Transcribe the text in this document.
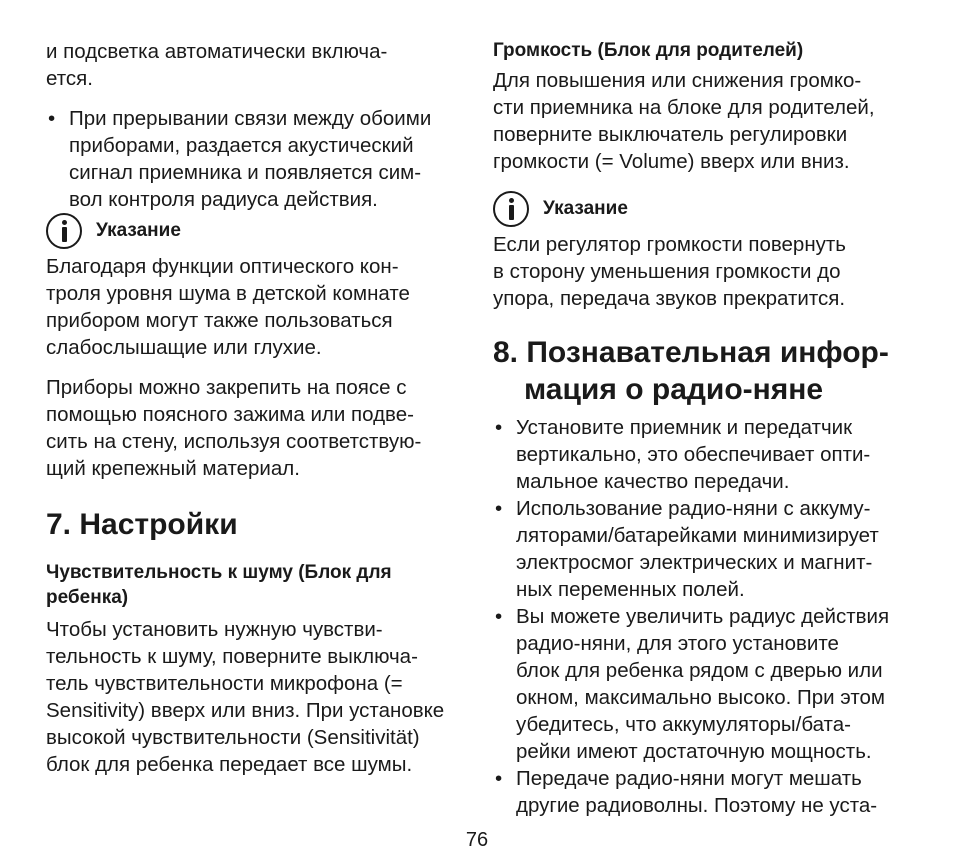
и подсветка автоматически включа-
ется.

• При прерывании связи между обоими
приборами, раздается акустический
сигнал приемника и появляется сим-
вол контроля радиуса действия.
Указание

Благодаря функции оптического кон-
троля уровня шума в детской комнате
прибором могут также пользоваться
слабослышащие или глухие.

Приборы можно закрепить на поясе с
помощью поясного зажима или подве-
сить на стену, используя соответствую-
щий крепежный материал.

7. Настройки
Чувствительность к шуму (Блок для
ребенка)

Чтобы установить нужную чувстви-
тельность к шуму, поверните выключа-
тель чувствительности микрофона (=
Sensitivity) вверх или вниз. При установке
высокой чувствительности (Sensitivität)
блок для ребенка передает все шумы.

Громкость (Блок для родителей)

Для повышения или снижения громко-
сти приемника на блоке для родителей,
поверните выключатель регулировки
громкости (= Volume) вверх или вниз.

Указание

Если регулятор громкости повернуть
в сторону уменьшения громкости до
упора, передача звуков прекратится.

8. Познавательная инфор-
мация о радио-няне
• Установите приемник и передатчик
вертикально, это обеспечивает опти-
мальное качество передачи.
• Использование радио-няни с аккуму-
ляторами/батарейками минимизирует
электросмог электрических и магнит-
ных переменных полей.
• Вы можете увеличить радиус действия
радио-няни, для этого установите
блок для ребенка рядом с дверью или
окном, максимально высоко. При этом
убедитесь, что аккумуляторы/бата-
рейки имеют достаточную мощность.
• Передаче радио-няни могут мешать
другие радиоволны. Поэтому не уста-
76
